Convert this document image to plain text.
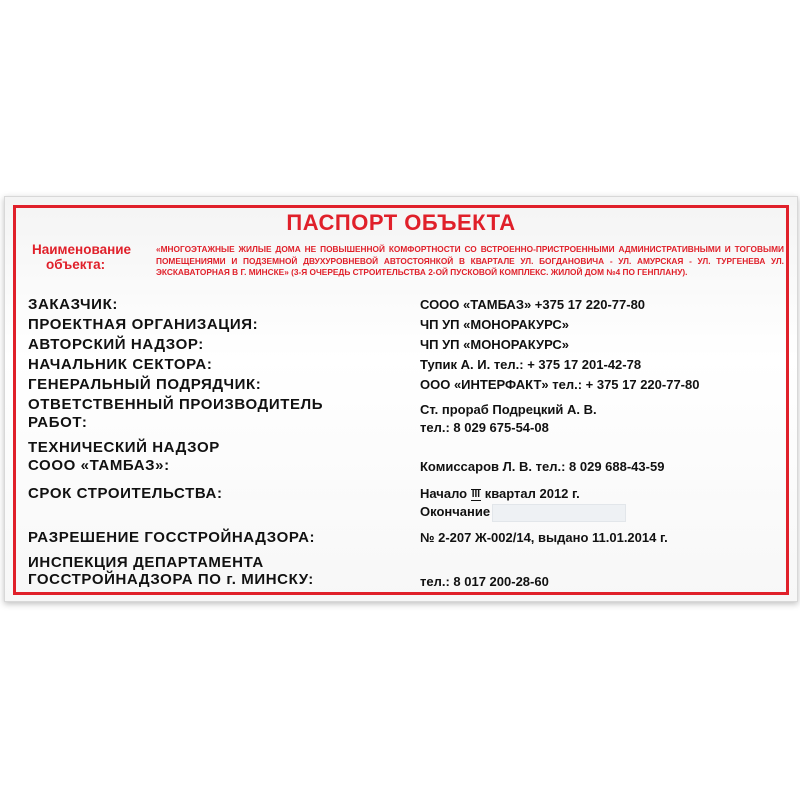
ПАСПОРТ ОБЪЕКТА
Наименование
объекта:
«МНОГОЭТАЖНЫЕ ЖИЛЫЕ ДОМА НЕ ПОВЫШЕННОЙ КОМФОРТНОСТИ СО ВСТРОЕННО-ПРИСТРОЕННЫМИ АДМИНИСТРАТИВНЫМИ И ТОГОВЫМИ ПОМЕЩЕНИЯМИ И ПОДЗЕМНОЙ ДВУХУРОВНЕВОЙ АВТОСТОЯНКОЙ В КВАРТАЛЕ УЛ. БОГДАНОВИЧА - УЛ. АМУРСКАЯ - УЛ. ТУРГЕНЕВА УЛ. ЭКСКАВАТОРНАЯ В Г. МИНСКЕ» (3-Я ОЧЕРЕДЬ СТРОИТЕЛЬСТВА 2-ОЙ ПУСКОВОЙ КОМПЛЕКС. ЖИЛОЙ ДОМ №4 ПО ГЕНПЛАНУ).
ЗАКАЗЧИК:	СООО «ТАМБАЗ» +375 17 220-77-80
ПРОЕКТНАЯ ОРГАНИЗАЦИЯ:	ЧП УП «МОНОРАКУРС»
АВТОРСКИЙ НАДЗОР:	ЧП УП «МОНОРАКУРС»
НАЧАЛЬНИК СЕКТОРА:	Тупик А. И. тел.: + 375 17 201-42-78
ГЕНЕРАЛЬНЫЙ ПОДРЯДЧИК:	ООО «ИНТЕРФАКТ» тел.: + 375 17 220-77-80
ОТВЕТСТВЕННЫЙ ПРОИЗВОДИТЕЛЬ
РАБОТ:
Ст. прораб Подрецкий А. В.
тел.: 8 029 675-54-08
ТЕХНИЧЕСКИЙ НАДЗОР
СООО «ТАМБАЗ»:	Комиссаров Л. В. тел.: 8 029 688-43-59
СРОК СТРОИТЕЛЬСТВА:	Начало III квартал 2012 г.
Окончание
РАЗРЕШЕНИЕ ГОССТРОЙНАДЗОРА:	№ 2-207 Ж-002/14, выдано 11.01.2014 г.
ИНСПЕКЦИЯ ДЕПАРТАМЕНТА
ГОССТРОЙНАДЗОРА ПО г. МИНСКУ:	тел.: 8 017 200-28-60
